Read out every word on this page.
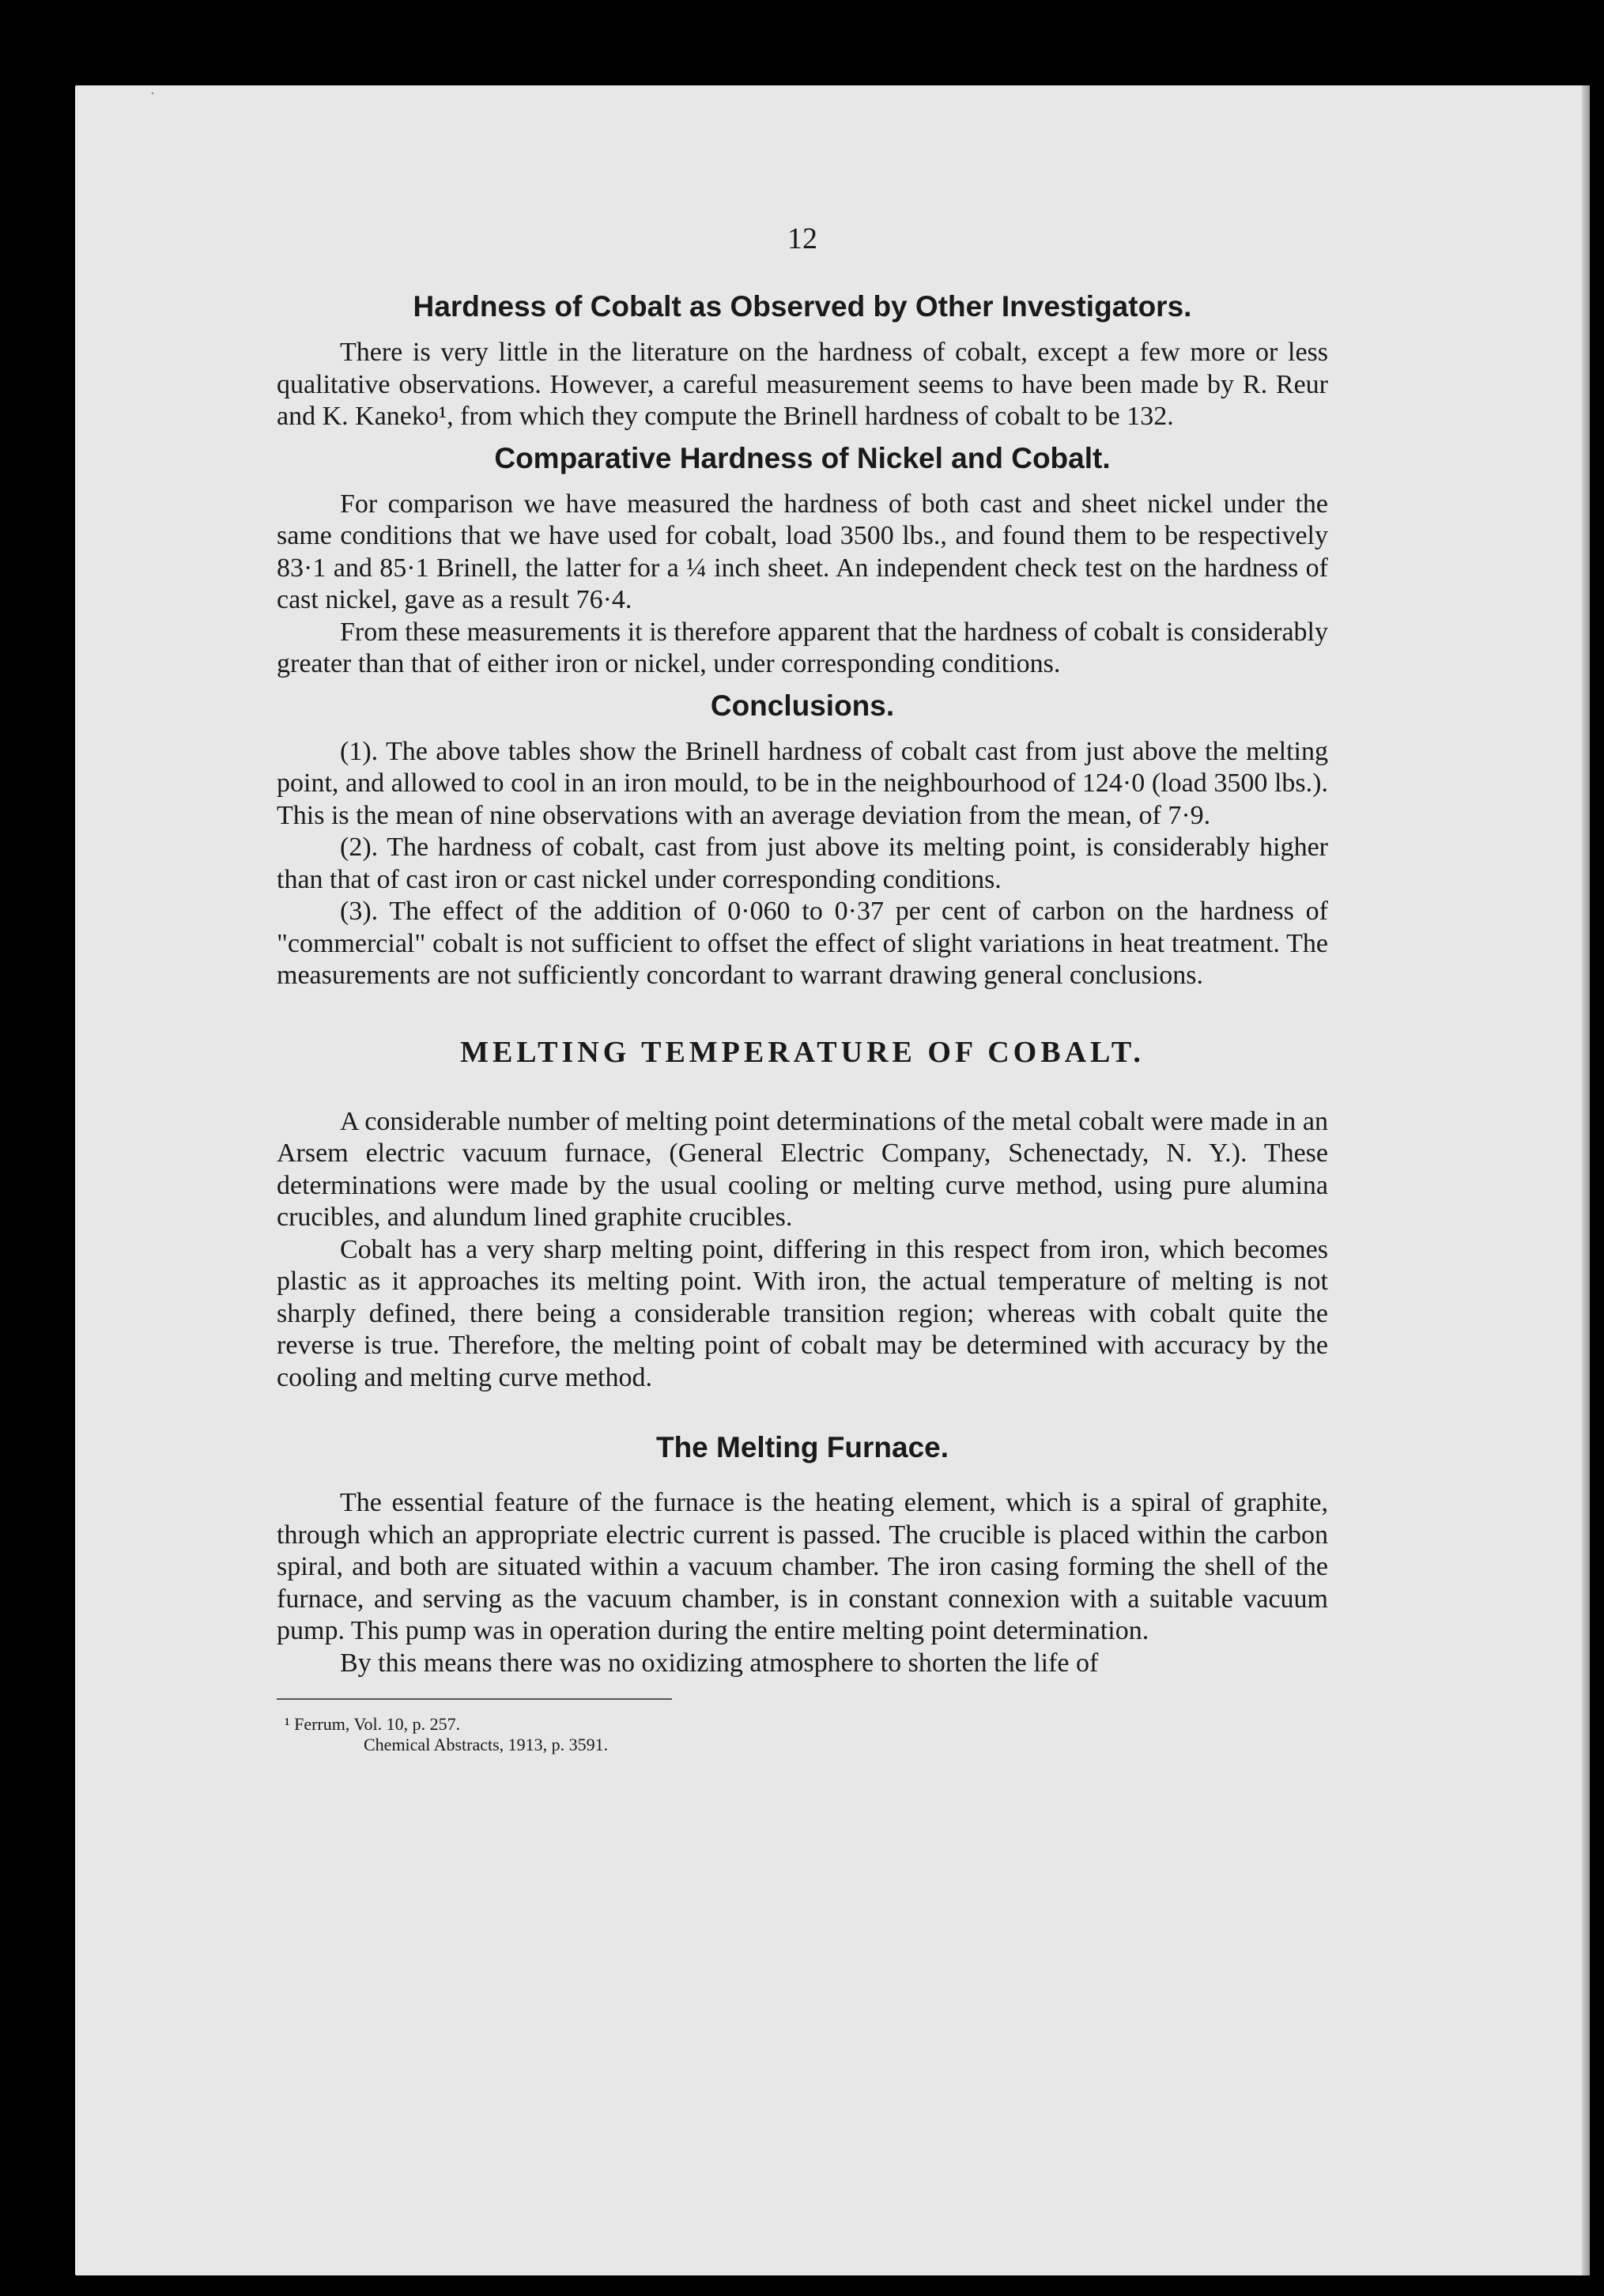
·
12
Hardness of Cobalt as Observed by Other Investigators.

There is very little in the literature on the hardness of cobalt, except a few more or less qualitative observations. However, a careful measurement seems to have been made by R. Reur and K. Kaneko¹, from which they compute the Brinell hardness of cobalt to be 132.

Comparative Hardness of Nickel and Cobalt.

For comparison we have measured the hardness of both cast and sheet nickel under the same conditions that we have used for cobalt, load 3500 lbs., and found them to be respectively 83·1 and 85·1 Brinell, the latter for a ¼ inch sheet. An independent check test on the hardness of cast nickel, gave as a result 76·4.

From these measurements it is therefore apparent that the hardness of cobalt is considerably greater than that of either iron or nickel, under corresponding conditions.

Conclusions.

(1). The above tables show the Brinell hardness of cobalt cast from just above the melting point, and allowed to cool in an iron mould, to be in the neighbourhood of 124·0 (load 3500 lbs.). This is the mean of nine observations with an average deviation from the mean, of 7·9.

(2). The hardness of cobalt, cast from just above its melting point, is considerably higher than that of cast iron or cast nickel under corresponding conditions.

(3). The effect of the addition of 0·060 to 0·37 per cent of carbon on the hardness of "commercial" cobalt is not sufficient to offset the effect of slight variations in heat treatment. The measurements are not sufficiently concordant to warrant drawing general conclusions.

MELTING TEMPERATURE OF COBALT.

A considerable number of melting point determinations of the metal cobalt were made in an Arsem electric vacuum furnace, (General Electric Company, Schenectady, N. Y.). These determinations were made by the usual cooling or melting curve method, using pure alumina crucibles, and alundum lined graphite crucibles.

Cobalt has a very sharp melting point, differing in this respect from iron, which becomes plastic as it approaches its melting point. With iron, the actual temperature of melting is not sharply defined, there being a considerable transition region; whereas with cobalt quite the reverse is true. Therefore, the melting point of cobalt may be determined with accuracy by the cooling and melting curve method.

The Melting Furnace.

The essential feature of the furnace is the heating element, which is a spiral of graphite, through which an appropriate electric current is passed. The crucible is placed within the carbon spiral, and both are situated within a vacuum chamber. The iron casing forming the shell of the furnace, and serving as the vacuum chamber, is in constant connexion with a suitable vacuum pump. This pump was in operation during the entire melting point determination.

By this means there was no oxidizing atmosphere to shorten the life of

¹ Ferrum, Vol. 10, p. 257.

Chemical Abstracts, 1913, p. 3591.
